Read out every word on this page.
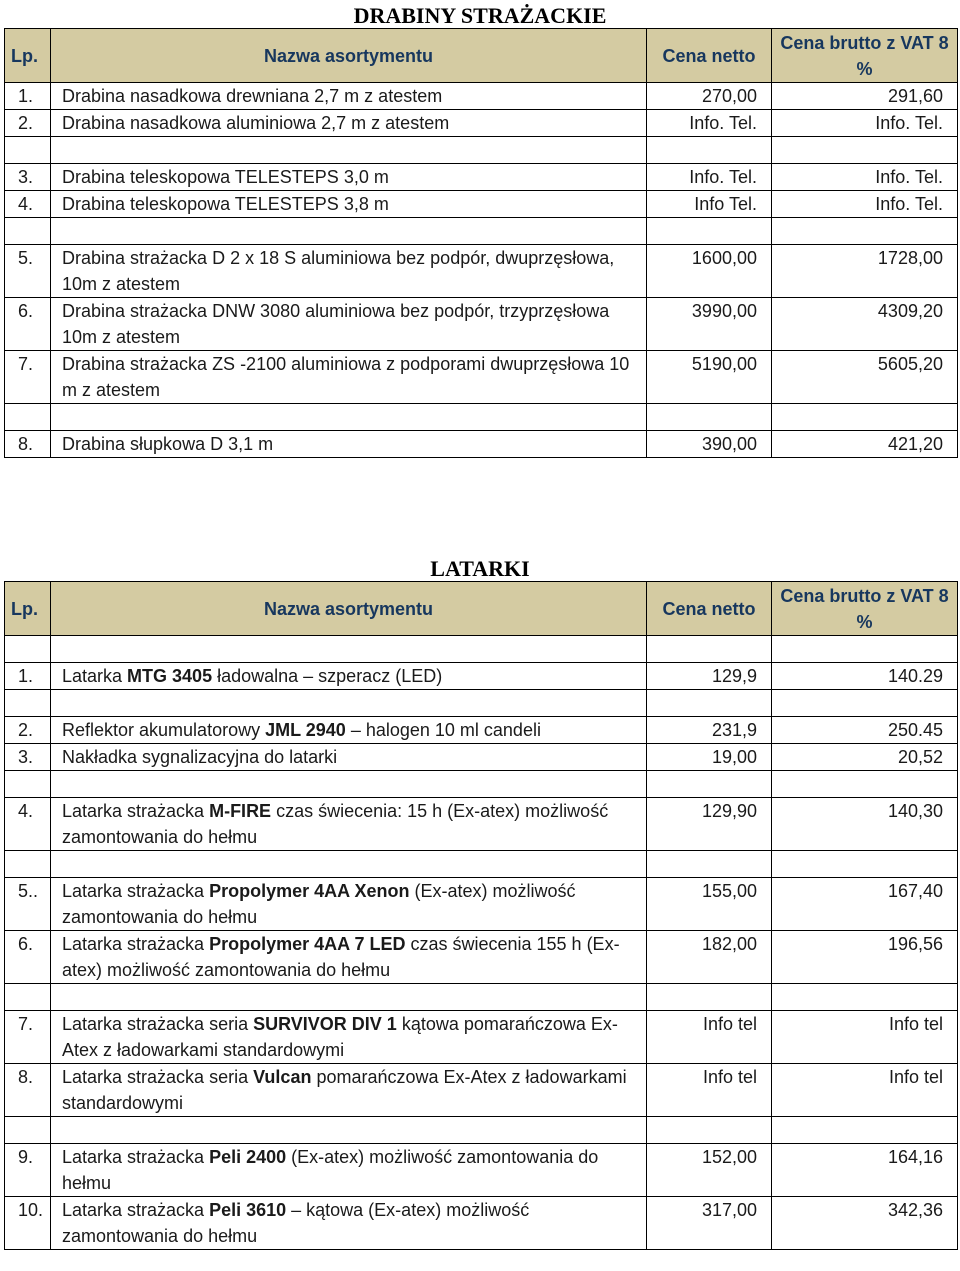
DRABINY STRAŻACKIE
Lp.	Nazwa asortymentu	Cena netto	Cena brutto z VAT 8 %
1.	Drabina nasadkowa drewniana 2,7 m z atestem	270,00	291,60
2.	Drabina nasadkowa aluminiowa 2,7 m z atestem	Info. Tel.	Info. Tel.

3.	Drabina teleskopowa TELESTEPS 3,0 m	Info. Tel.	Info. Tel.
4.	Drabina teleskopowa TELESTEPS 3,8 m	Info Tel.	Info. Tel.

5.	Drabina strażacka D 2 x 18 S aluminiowa bez podpór, dwuprzęsłowa, 10m z atestem	1600,00	1728,00
6.	Drabina strażacka DNW 3080 aluminiowa bez podpór, trzyprzęsłowa 10m z atestem	3990,00	4309,20
7.	Drabina strażacka ZS -2100 aluminiowa z podporami dwuprzęsłowa 10 m z atestem	5190,00	5605,20

8.	Drabina słupkowa D 3,1 m	390,00	421,20
LATARKI
Lp.	Nazwa asortymentu	Cena netto	Cena brutto z VAT 8 %

1.	Latarka MTG 3405 ładowalna – szperacz (LED)	129,9	140.29

2.	Reflektor akumulatorowy JML 2940 – halogen 10 ml candeli	231,9	250.45
3.	Nakładka sygnalizacyjna do latarki	19,00	20,52

4.	Latarka strażacka M-FIRE czas świecenia: 15 h (Ex-atex) możliwość zamontowania do hełmu	129,90	140,30

5..	Latarka strażacka Propolymer 4AA Xenon (Ex-atex) możliwość zamontowania do hełmu	155,00	167,40
6.	Latarka strażacka Propolymer 4AA 7 LED czas świecenia 155 h (Ex-atex) możliwość zamontowania do hełmu	182,00	196,56

7.	Latarka strażacka seria SURVIVOR DIV 1 kątowa pomarańczowa Ex- Atex z ładowarkami standardowymi	Info tel	Info tel
8.	Latarka strażacka seria Vulcan pomarańczowa Ex-Atex z ładowarkami standardowymi	Info tel	Info tel

9.	Latarka strażacka Peli 2400 (Ex-atex) możliwość zamontowania do hełmu	152,00	164,16
10.	Latarka strażacka Peli 3610 – kątowa (Ex-atex) możliwość zamontowania do hełmu	317,00	342,36
